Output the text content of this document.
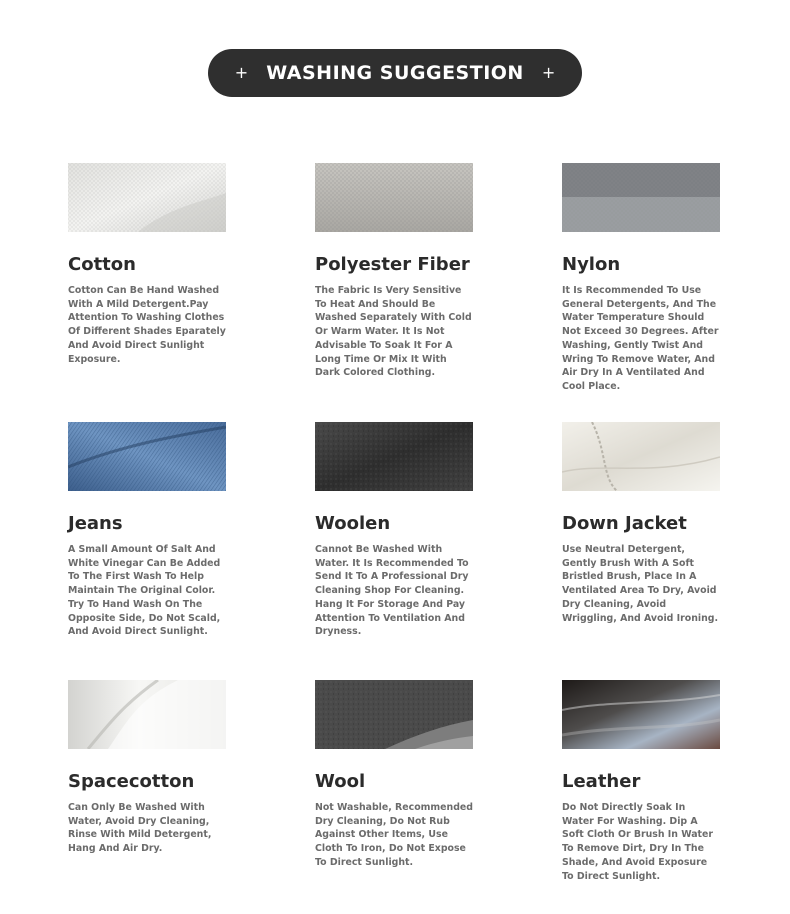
+ WASHING SUGGESTION +
Cotton
Cotton Can Be Hand Washed With A Mild Detergent.Pay Attention To Washing Clothes Of Different Shades Eparately And Avoid Direct Sunlight Exposure.
Polyester Fiber
The Fabric Is Very Sensitive To Heat And Should Be Washed Separately With Cold Or Warm Water. It Is Not Advisable To Soak It For A Long Time Or Mix It With Dark Colored Clothing.
Nylon
It Is Recommended To Use General Detergents, And The Water Temperature Should Not Exceed 30 Degrees. After Washing, Gently Twist And Wring To Remove Water, And Air Dry In A Ventilated And Cool Place.
Jeans
A Small Amount Of Salt And White Vinegar Can Be Added To The First Wash To Help Maintain The Original Color. Try To Hand Wash On The Opposite Side, Do Not Scald, And Avoid Direct Sunlight.
Woolen
Cannot Be Washed With Water. It Is Recommended To Send It To A Professional Dry Cleaning Shop For Cleaning. Hang It For Storage And Pay Attention To Ventilation And Dryness.
Down Jacket
Use Neutral Detergent, Gently Brush With A Soft Bristled Brush, Place In A Ventilated Area To Dry, Avoid Dry Cleaning, Avoid Wriggling, And Avoid Ironing.
Spacecotton
Can Only Be Washed With Water, Avoid Dry Cleaning, Rinse With Mild Detergent, Hang And Air Dry.
Wool
Not Washable, Recommended Dry Cleaning, Do Not Rub Against Other Items, Use Cloth To Iron, Do Not Expose To Direct Sunlight.
Leather
Do Not Directly Soak In Water For Washing. Dip A Soft Cloth Or Brush In Water To Remove Dirt, Dry In The Shade, And Avoid Exposure To Direct Sunlight.
